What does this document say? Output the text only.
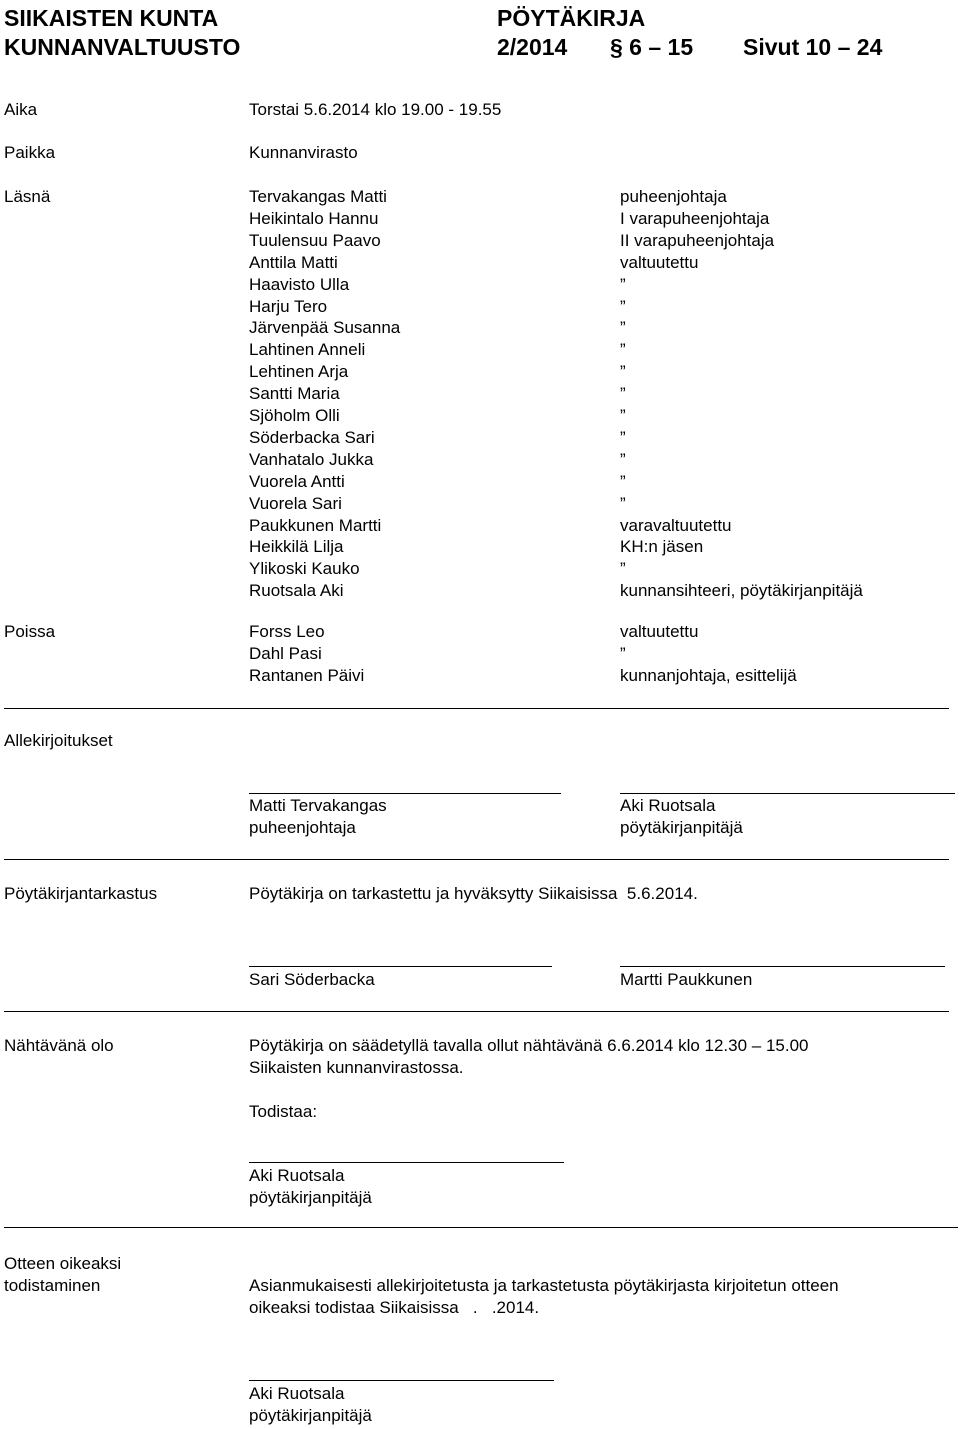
SIIKAISTEN KUNTA
KUNNANVALTUUSTO
PÖYTÄKIRJA
2/2014 § 6 – 15 Sivut 10 – 24
Aika	Torstai 5.6.2014 klo 19.00 - 19.55
Paikka	Kunnanvirasto
Läsnä	Tervakangas Matti	puheenjohtaja
Heikintalo Hannu	I varapuheenjohtaja
Tuulensuu Paavo	II varapuheenjohtaja
Anttila Matti	valtuutettu
Haavisto Ulla	”
Harju Tero	”
Järvenpää Susanna	”
Lahtinen Anneli	”
Lehtinen Arja	”
Santti Maria	”
Sjöholm Olli	”
Söderbacka Sari	”
Vanhatalo Jukka	”
Vuorela Antti	”
Vuorela Sari	”
Paukkunen Martti	varavaltuutettu
Heikkilä Lilja	KH:n jäsen
Ylikoski Kauko	”
Ruotsala Aki	kunnansihteeri, pöytäkirjanpitäjä
Poissa	Forss Leo	valtuutettu
Dahl Pasi	”
Rantanen Päivi	kunnanjohtaja, esittelijä
Allekirjoitukset
Matti Tervakangas
puheenjohtaja
Aki Ruotsala
pöytäkirjanpitäjä
Pöytäkirjantarkastus	Pöytäkirja on tarkastettu ja hyväksytty Siikaisissa  5.6.2014.
Sari Söderbacka	Martti Paukkunen
Nähtävänä olo	Pöytäkirja on säädetyllä tavalla ollut nähtävänä 6.6.2014 klo 12.30 – 15.00
Siikaisten kunnanvirastossa.
Todistaa:
Aki Ruotsala
pöytäkirjanpitäjä
Otteen oikeaksi
todistaminen	Asianmukaisesti allekirjoitetusta ja tarkastetusta pöytäkirjasta kirjoitetun otteen
oikeaksi todistaa Siikaisissa   .   .2014.
Aki Ruotsala
pöytäkirjanpitäjä
